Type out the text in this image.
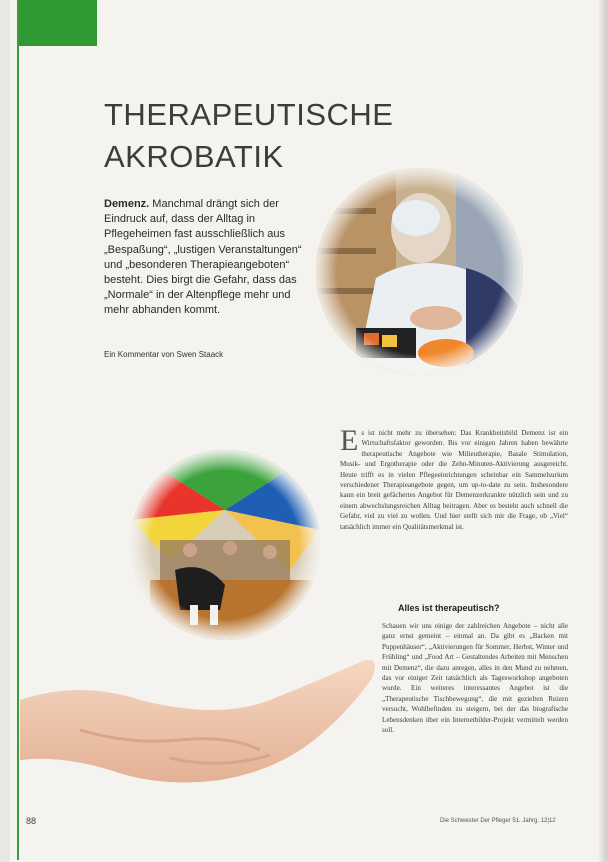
THERAPEUTISCHE
AKROBATIK

Demenz. Manchmal drängt sich der Eindruck auf, dass der Alltag in Pflegeheimen fast ausschließlich aus „Bespaßung“, „lustigen Veranstaltungen“ und „besonderen Therapieangeboten“ besteht. Dies birgt die Gefahr, dass das „Normale“ in der Altenpflege mehr und mehr abhanden kommt.

Ein Kommentar von Swen Staack

Es ist nicht mehr zu übersehen: Das Krankheitsbild Demenz ist ein Wirtschaftsfaktor geworden. Bis vor einigen Jahren haben bewährte therapeutische Angebote wie Milieutherapie, Basale Stimulation, Musik- und Ergotherapie oder die Zehn-Minuten-Aktivierung ausgereicht. Heute trifft es in vielen Pflegeeinrichtungen scheinbar ein Sammelsurium verschiedener Therapieangebote gegen, um up-to-date zu sein. Insbesondere kann ein breit gefächertes Angebot für Demenzerkrankte nützlich sein und zu einem abwechslungsreichen Alltag beitragen. Aber es besteht auch schnell die Gefahr, viel zu viel zu wollen. Und hier stellt sich mir die Frage, ob „Viel“ tatsächlich immer ein Qualitätsmerkmal ist.

Alles ist therapeutisch?

Schauen wir uns einige der zahlreichen Angebote – nicht alle ganz ernst gemeint – einmal an. Da gibt es „Backen mit Puppenhäuser“, „Aktivierungen für Sommer, Herbst, Winter und Frühling“ und „Food Art – Gestaltendes Arbeiten mit Menschen mit Demenz“, die dazu anregen, alles in den Mund zu nehmen, das vor einiger Zeit tatsächlich als Tagesworkshop angeboten wurde. Ein weiteres interessantes Angebot ist die „Therapeutische Tischbewegung“, die mit gezielten Reizen versucht, Wohlbefinden zu steigern, bei der das biografische Lebensdenken über ein Internetbilder-Projekt vermittelt werden soll.

88	Die Schwester Der Pfleger 51. Jahrg. 12|12
